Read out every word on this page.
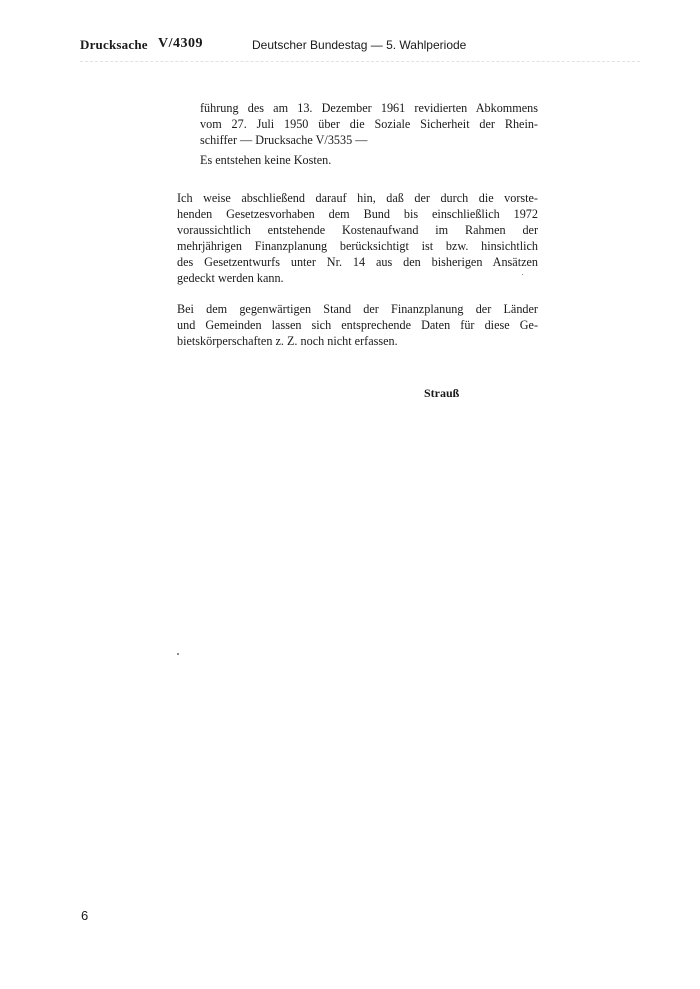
Drucksache V/4309	Deutscher Bundestag — 5. Wahlperiode

führung des am 13. Dezember 1961 revidierten Abkommens
vom 27. Juli 1950 über die Soziale Sicherheit der Rhein-
schiffer — Drucksache V/3535 —

Es entstehen keine Kosten.

Ich weise abschließend darauf hin, daß der durch die vorste-
henden Gesetzesvorhaben dem Bund bis einschließlich 1972
voraussichtlich entstehende Kostenaufwand im Rahmen der
mehrjährigen Finanzplanung berücksichtigt ist bzw. hinsichtlich
des Gesetzentwurfs unter Nr. 14 aus den bisherigen Ansätzen
gedeckt werden kann.

Bei dem gegenwärtigen Stand der Finanzplanung der Länder
und Gemeinden lassen sich entsprechende Daten für diese Ge-
bietskörperschaften z. Z. noch nicht erfassen.

Strauß
6
